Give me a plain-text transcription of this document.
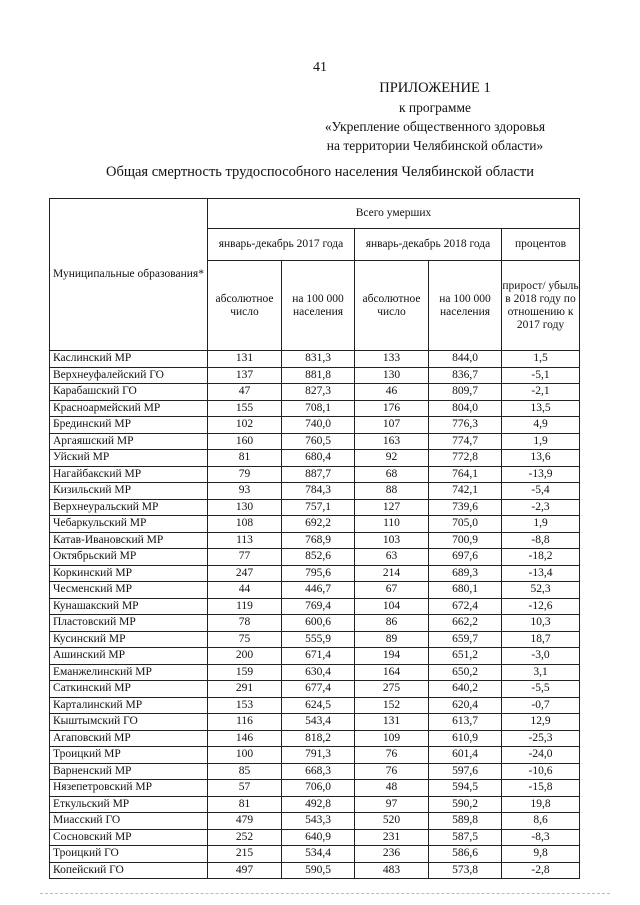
41
ПРИЛОЖЕНИЕ 1
к программе
«Укрепление общественного здоровья
на территории Челябинской области»
Общая смертность трудоспособного населения Челябинской области
Муниципальные образования*	Всего умерших				
	январь-декабрь 2017 года		январь-декабрь 2018 года		процентов
	абсолютное число	на 100 000 населения	абсолютное число	на 100 000 населения	прирост/ убыль в 2018 году по отношению к 2017 году
Каслинский МР	131	831,3	133	844,0	1,5
Верхнеуфалейский ГО	137	881,8	130	836,7	-5,1
Карабашский ГО	47	827,3	46	809,7	-2,1
Красноармейский МР	155	708,1	176	804,0	13,5
Брединский МР	102	740,0	107	776,3	4,9
Аргаяшский МР	160	760,5	163	774,7	1,9
Уйский МР	81	680,4	92	772,8	13,6
Нагайбакский МР	79	887,7	68	764,1	-13,9
Кизильский МР	93	784,3	88	742,1	-5,4
Верхнеуральский МР	130	757,1	127	739,6	-2,3
Чебаркульский МР	108	692,2	110	705,0	1,9
Катав-Ивановский МР	113	768,9	103	700,9	-8,8
Октябрьский МР	77	852,6	63	697,6	-18,2
Коркинский МР	247	795,6	214	689,3	-13,4
Чесменский МР	44	446,7	67	680,1	52,3
Кунашакский МР	119	769,4	104	672,4	-12,6
Пластовский МР	78	600,6	86	662,2	10,3
Кусинский МР	75	555,9	89	659,7	18,7
Ашинский МР	200	671,4	194	651,2	-3,0
Еманжелинский МР	159	630,4	164	650,2	3,1
Саткинский МР	291	677,4	275	640,2	-5,5
Карталинский МР	153	624,5	152	620,4	-0,7
Кыштымский ГО	116	543,4	131	613,7	12,9
Агаповский МР	146	818,2	109	610,9	-25,3
Троицкий МР	100	791,3	76	601,4	-24,0
Варненский МР	85	668,3	76	597,6	-10,6
Нязепетровский МР	57	706,0	48	594,5	-15,8
Еткульский МР	81	492,8	97	590,2	19,8
Миасский ГО	479	543,3	520	589,8	8,6
Сосновский МР	252	640,9	231	587,5	-8,3
Троицкий ГО	215	534,4	236	586,6	9,8
Копейский ГО	497	590,5	483	573,8	-2,8
